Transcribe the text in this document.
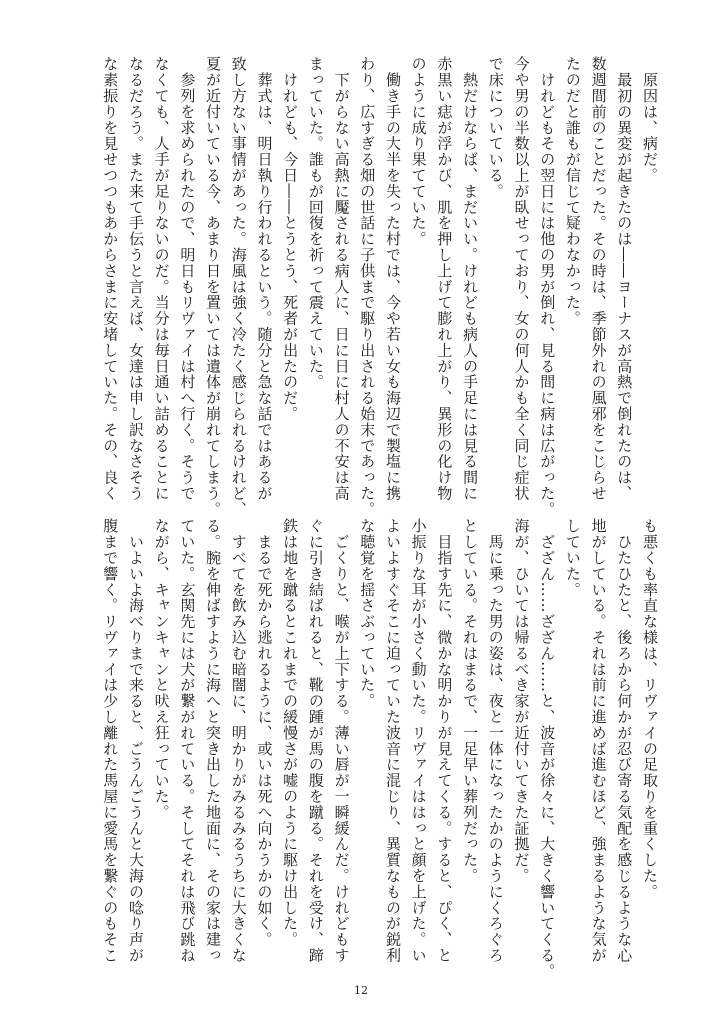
　原因は、病だ。
　最初の異変が起きたのは――ヨーナスが高熱で倒れたのは、
数週間前のことだった。その時は、季節外れの風邪をこじらせ
たのだと誰もが信じて疑わなかった。
　けれどもその翌日には他の男が倒れ、見る間に病は広がった。
今や男の半数以上が臥せっており、女の何人かも全く同じ症状
で床についている。
　熱だけならば、まだいい。けれども病人の手足には見る間に
赤黒い痣が浮かび、肌を押し上げて膨れ上がり、異形の化け物
のように成り果てていた。
　働き手の大半を失った村では、今や若い女も海辺で製塩に携
わり、広すぎる畑の世話に子供まで駆り出される始末であった。
　下がらない高熱に魘される病人に、日に日に村人の不安は高
まっていた。誰もが回復を祈って震えていた。
　けれども、今日――とうとう、死者が出たのだ。
　葬式は、明日執り行われるという。随分と急な話ではあるが
致し方ない事情があった。海風は強く冷たく感じられるけれど、
夏が近付いている今、あまり日を置いては遺体が崩れてしまう。
　参列を求められたので、明日もリヴァイは村へ行く。そうで
なくても、人手が足りないのだ。当分は毎日通い詰めることに
なるだろう。また来て手伝うと言えば、女達は申し訳なさそう
な素振りを見せつつもあからさまに安堵していた。その、良く
も悪くも率直な様は、リヴァイの足取りを重くした。
　ひたひたと、後ろから何かが忍び寄る気配を感じるような心
地がしている。それは前に進めば進むほど、強まるような気が
していた。
　ざざん……ざざん……と、波音が徐々に、大きく響いてくる。
海が、ひいては帰るべき家が近付いてきた証拠だ。
　馬に乗った男の姿は、夜と一体になったかのようにくろぐろ
としている。それはまるで、一足早い葬列だった。
　目指す先に、微かな明かりが見えてくる。すると、ぴく、と
小振りな耳が小さく動いた。リヴァイははっと顔を上げた。い
よいよすぐそこに迫っていた波音に混じり、異質なものが鋭利
な聴覚を揺さぶっていた。
　ごくりと、喉が上下する。薄い唇が一瞬緩んだ。けれどもす
ぐに引き結ばれると、靴の踵が馬の腹を蹴る。それを受け、蹄
鉄は地を蹴るとこれまでの緩慢さが嘘のように駆け出した。
　まるで死から逃れるように、或いは死へ向かうかの如く。
　すべてを飲み込む暗闇に、明かりがみるみるうちに大きくな
る。腕を伸ばすように海へと突き出した地面に、その家は建っ
ていた。玄関先には犬が繋がれている。そしてそれは飛び跳ね
ながら、キャンキャンと吠え狂っていた。
　いよいよ海べりまで来ると、ごうんごうんと大海の唸り声が
腹まで響く。リヴァイは少し離れた馬屋に愛馬を繋ぐのもそこ
12
